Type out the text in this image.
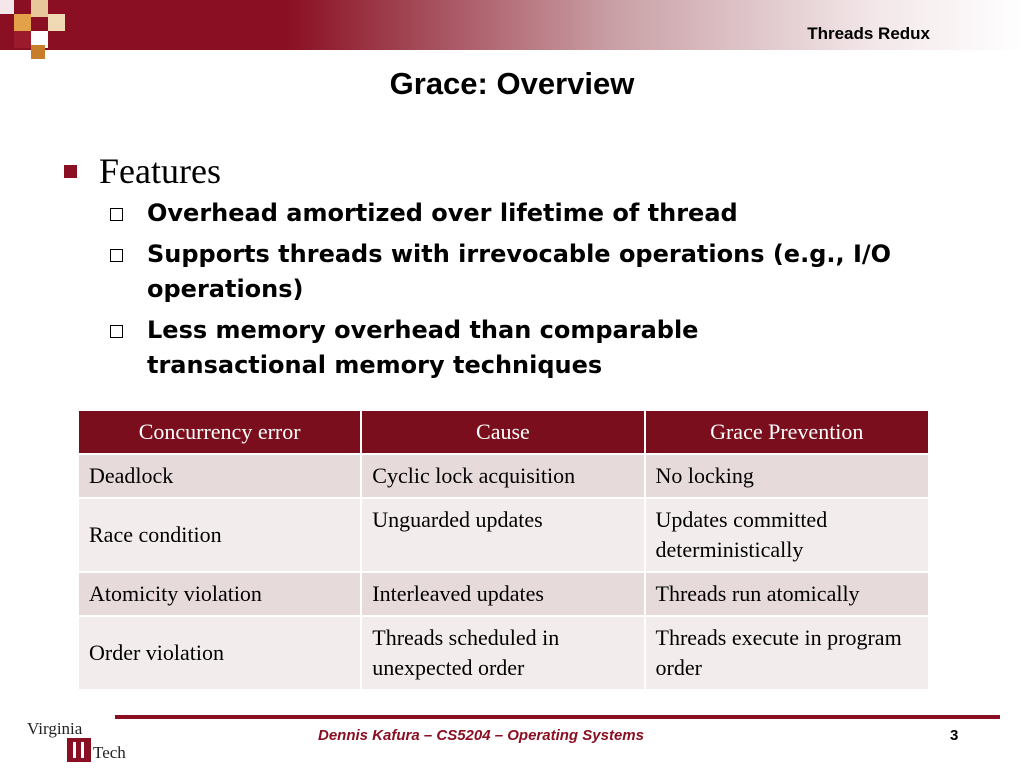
Threads Redux
Grace: Overview
Features
Overhead amortized over lifetime of thread
Supports threads with irrevocable operations (e.g., I/O operations)
Less memory overhead than comparable transactional memory techniques
Concurrency error	Cause	Grace Prevention
Deadlock	Cyclic lock acquisition	No locking
Race condition	Unguarded updates	Updates committed deterministically
Atomicity violation	Interleaved updates	Threads run atomically
Order violation	Threads scheduled in unexpected order	Threads execute in program order
Virginia
Tech
Dennis Kafura – CS5204 – Operating Systems	3
